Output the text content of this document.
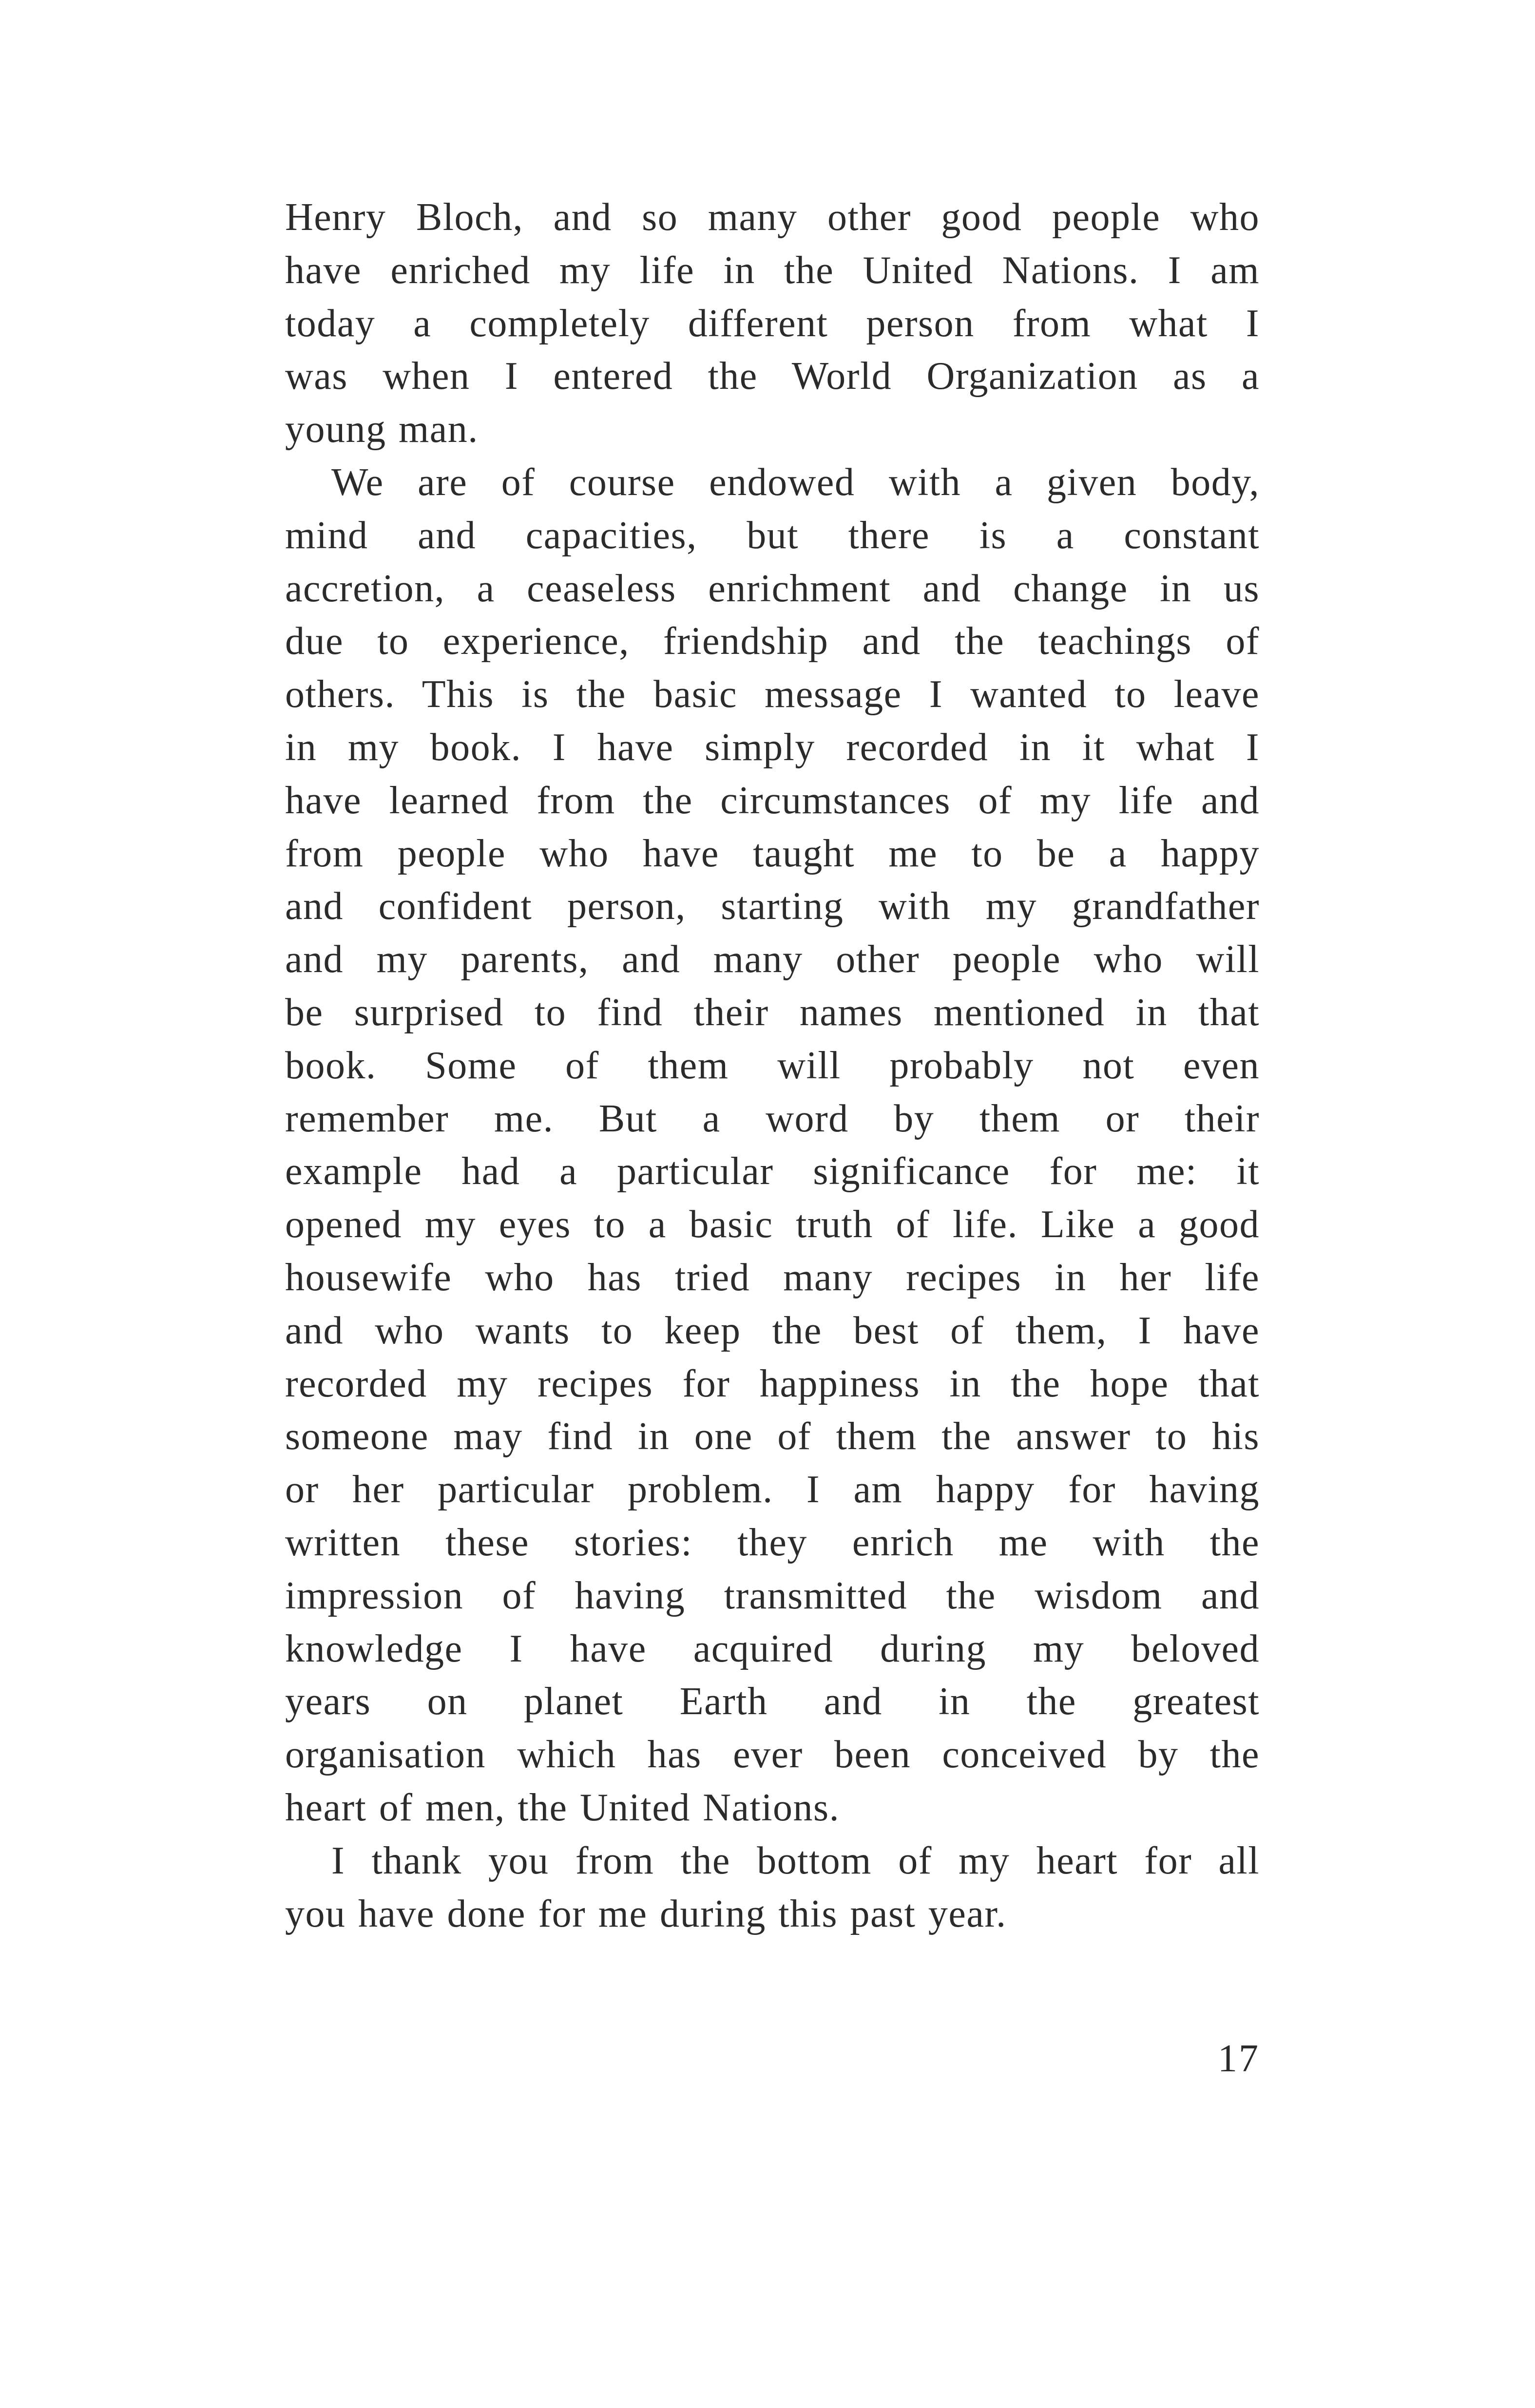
Henry Bloch, and so many other good people who
have enriched my life in the United Nations. I am
today a completely different person from what I
was when I entered the World Organization as a
young man.
We are of course endowed with a given body,
mind and capacities, but there is a constant
accretion, a ceaseless enrichment and change in us
due to experience, friendship and the teachings of
others. This is the basic message I wanted to leave
in my book. I have simply recorded in it what I
have learned from the circumstances of my life and
from people who have taught me to be a happy
and confident person, starting with my grandfather
and my parents, and many other people who will
be surprised to find their names mentioned in that
book. Some of them will probably not even
remember me. But a word by them or their
example had a particular significance for me: it
opened my eyes to a basic truth of life. Like a good
housewife who has tried many recipes in her life
and who wants to keep the best of them, I have
recorded my recipes for happiness in the hope that
someone may find in one of them the answer to his
or her particular problem. I am happy for having
written these stories: they enrich me with the
impression of having transmitted the wisdom and
knowledge I have acquired during my beloved
years on planet Earth and in the greatest
organisation which has ever been conceived by the
heart of men, the United Nations.
I thank you from the bottom of my heart for all
you have done for me during this past year.
17
